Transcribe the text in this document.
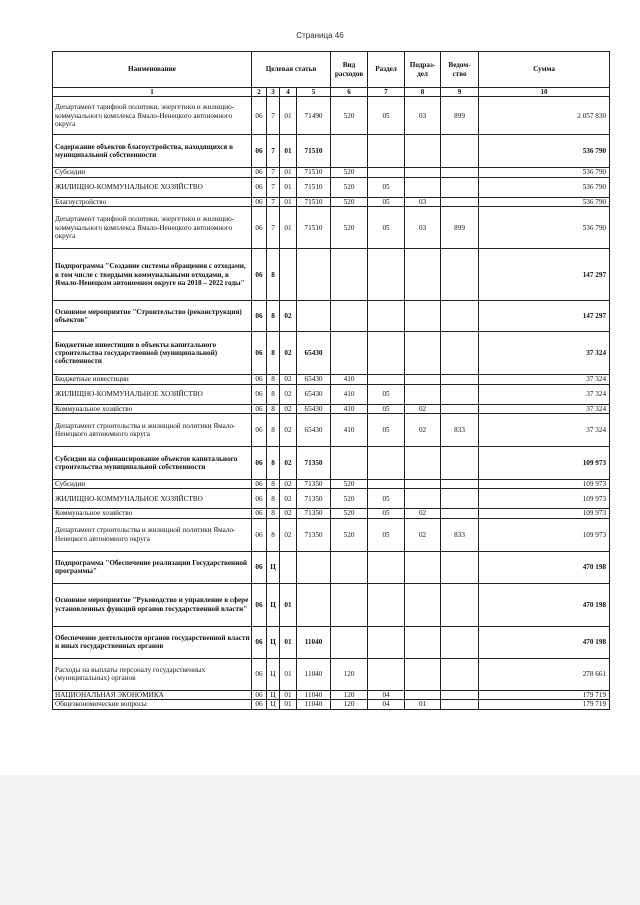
Страница 46
Наименование	Целевая статья				Вид расходов	Раздел	Подраз-дел	Ведом-ство	Сумма
1	2	3	4	5	6	7	8	9	10
Департамент тарифной политики, энергетики и жилищно-коммунального комплекса Ямало-Ненецкого автономного округа	06	7	01	71490	520	05	03	899	2 057 830
Содержание объектов благоустройства, находящихся в муниципальной собственности	06	7	01	71510					536 790
Субсидии	06	7	01	71510	520				536 790
ЖИЛИЩНО-КОММУНАЛЬНОЕ ХОЗЯЙСТВО	06	7	01	71510	520	05			536 790
Благоустройство	06	7	01	71510	520	05	03		536 790
Департамент тарифной политики, энергетики и жилищно-коммунального комплекса Ямало-Ненецкого автономного округа	06	7	01	71510	520	05	03	899	536 790
Подпрограмма "Создание системы обращения с отходами, в том числе с твердыми коммунальными отходами, в Ямало-Ненецком автономном округе на 2018 – 2022 годы"	06	8							147 297
Основное мероприятие "Строительство (реконструкция) объектов"	06	8	02						147 297
Бюджетные инвестиции в объекты капитального строительства государственной (муниципальной) собственности	06	8	02	65430					37 324
Бюджетные инвестиции	06	8	02	65430	410				37 324
ЖИЛИЩНО-КОММУНАЛЬНОЕ ХОЗЯЙСТВО	06	8	02	65430	410	05			37 324
Коммунальное хозяйство	06	8	02	65430	410	05	02		37 324
Департамент строительства и жилищной политики Ямало-Ненецкого автономного округа	06	8	02	65430	410	05	02	833	37 324
Субсидии на софинансирование объектов капитального строительства муниципальной собственности	06	8	02	71350					109 973
Субсидии	06	8	02	71350	520				109 973
ЖИЛИЩНО-КОММУНАЛЬНОЕ ХОЗЯЙСТВО	06	8	02	71350	520	05			109 973
Коммунальное хозяйство	06	8	02	71350	520	05	02		109 973
Департамент строительства и жилищной политики Ямало-Ненецкого автономного округа	06	8	02	71350	520	05	02	833	109 973
Подпрограмма "Обеспечение реализации Государственной программы"	06	Ц							470 198
Основное мероприятие "Руководство и управление в сфере установленных функций органов государственной власти"	06	Ц	01						470 198
Обеспечение деятельности органов государственной власти и иных государственных органов	06	Ц	01	11040					470 198
Расходы на выплаты персоналу государственных (муниципальных) органов	06	Ц	01	11040	120				278 661
НАЦИОНАЛЬНАЯ ЭКОНОМИКА	06	Ц	01	11040	120	04			179 719
Общеэкономические вопросы	06	Ц	01	11040	120	04	01		179 719
